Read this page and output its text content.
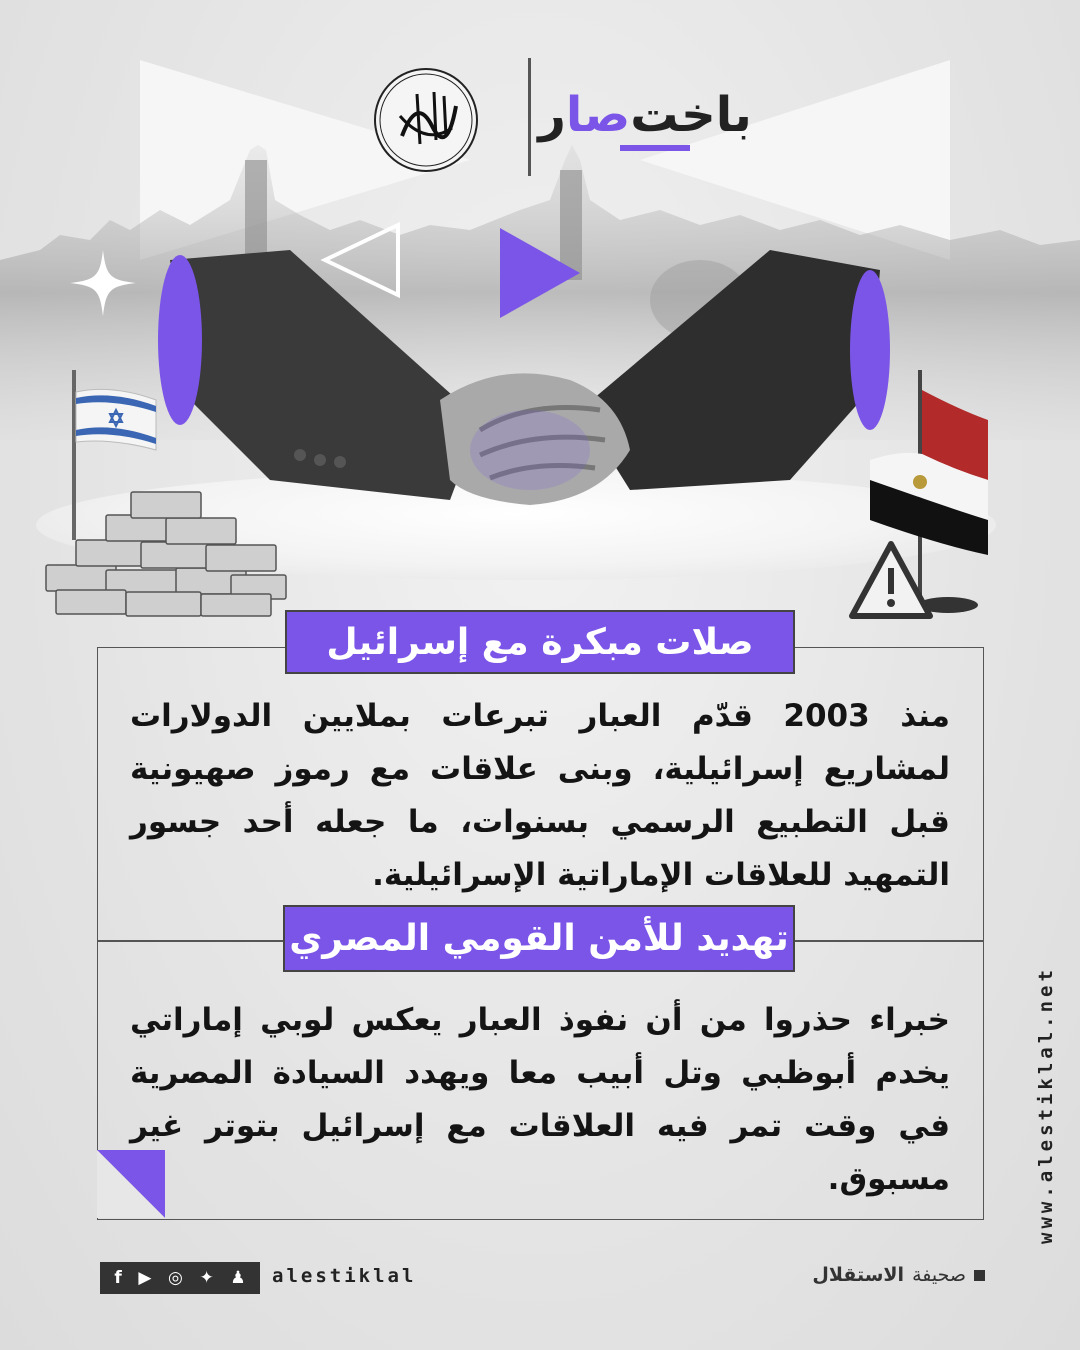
باخت
صا
ر
صلات مبكرة مع إسرائيل
منذ 2003 قدّم العبار تبرعات بملايين الدولارات لمشاريع إسرائيلية، وبنى علاقات مع رموز صهيونية قبل التطبيع الرسمي بسنوات، ما جعله أحد جسور التمهيد للعلاقات الإماراتية الإسرائيلية.
تهديد للأمن القومي المصري
خبراء حذروا من أن نفوذ العبار يعكس لوبي إماراتي يخدم أبوظبي وتل أبيب معا ويهدد السيادة المصرية في وقت تمر فيه العلاقات مع إسرائيل بتوتر غير مسبوق.	www.alestiklal.net
f ▶ ◎ ✦ ♟ alestiklal	صحيفة
الاستقلال
